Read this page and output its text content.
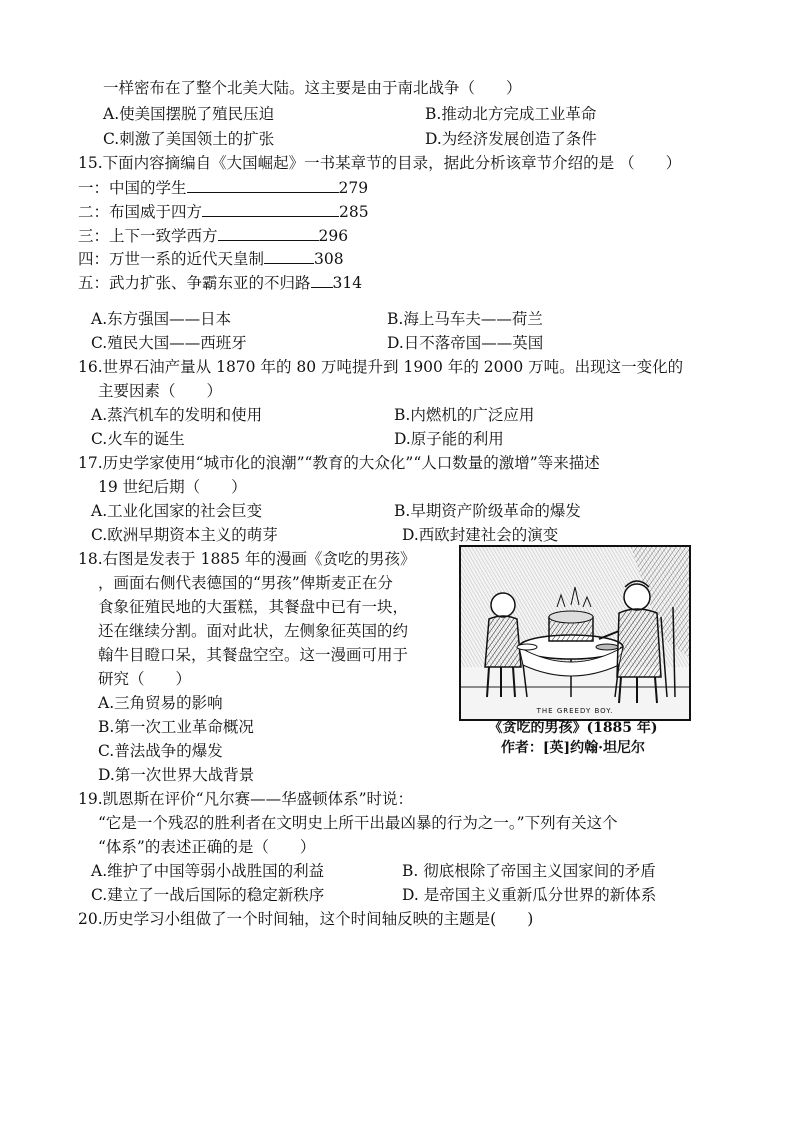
一样密布在了整个北美大陆。这主要是由于南北战争（　　）
A.使美国摆脱了殖民压迫	B.推动北方完成工业革命
C.刺激了美国领土的扩张	D.为经济发展创造了条件
15.下面内容摘编自《大国崛起》一书某章节的目录，据此分析该章节介绍的是 （　　）
一：中国的学生	279
二：布国威于四方	285
三：上下一致学西方	296
四：万世一系的近代天皇制	308
五：武力扩张、争霸东亚的不归路 314
A.东方强国——日本	B.海上马车夫——荷兰
C.殖民大国——西班牙	D.日不落帝国——英国
16.世界石油产量从 1870 年的 80 万吨提升到 1900 年的 2000 万吨。出现这一变化的
主要因素（　　）
A.蒸汽机车的发明和使用	B.内燃机的广泛应用
C.火车的诞生	D.原子能的利用
17.历史学家使用“城市化的浪潮”“教育的大众化”“人口数量的激增”等来描述
19 世纪后期（　　）
A.工业化国家的社会巨变	B.早期资产阶级革命的爆发
C.欧洲早期资本主义的萌芽	D.西欧封建社会的演变
18.右图是发表于 1885 年的漫画《贪吃的男孩》
，画面右侧代表德国的“男孩”俾斯麦正在分
食象征殖民地的大蛋糕，其餐盘中已有一块，
还在继续分割。面对此状，左侧象征英国的约
翰牛目瞪口呆，其餐盘空空。这一漫画可用于
研究（　　）
A.三角贸易的影响
B.第一次工业革命概况
C.普法战争的爆发
D.第一次世界大战背景
THE GREEDY BOY.
《贪吃的男孩》(1885 年)
作者：[英]约翰·坦尼尔
19.凯恩斯在评价“凡尔赛——华盛顿体系”时说：
“它是一个残忍的胜利者在文明史上所干出最凶暴的行为之一。”下列有关这个
“体系”的表述正确的是（　　）
A.维护了中国等弱小战胜国的利益	B. 彻底根除了帝国主义国家间的矛盾
C.建立了一战后国际的稳定新秩序	D. 是帝国主义重新瓜分世界的新体系
20.历史学习小组做了一个时间轴，这个时间轴反映的主题是(　　)
